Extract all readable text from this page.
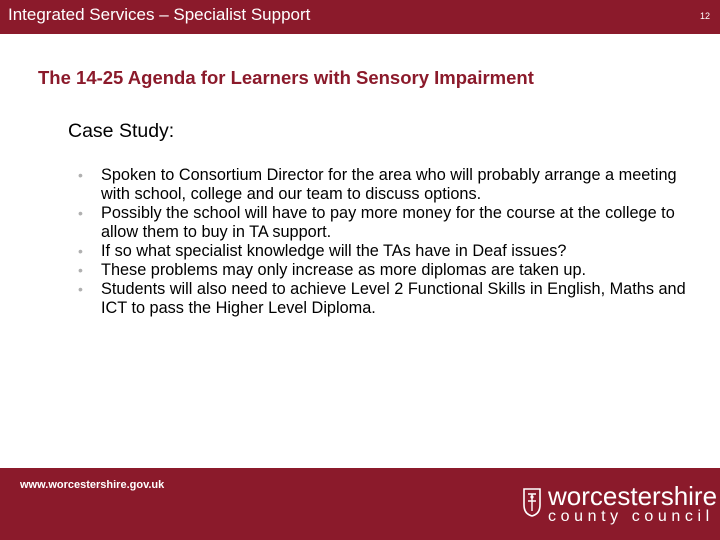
Integrated Services – Specialist Support	12
The 14-25 Agenda for Learners with Sensory Impairment
Case Study:
• Spoken to Consortium Director for the area who will probably arrange a meeting with school, college and our team to discuss options.
• Possibly the school will have to pay more money for the course at the college to allow them to buy in TA support.
• If so what specialist knowledge will the TAs have in Deaf issues?
• These problems may only increase as more diplomas are taken up.
• Students will also need to achieve Level 2 Functional Skills in English, Maths and ICT to pass the Higher Level Diploma.
www.worcestershire.gov.uk	worcestershire
county council
